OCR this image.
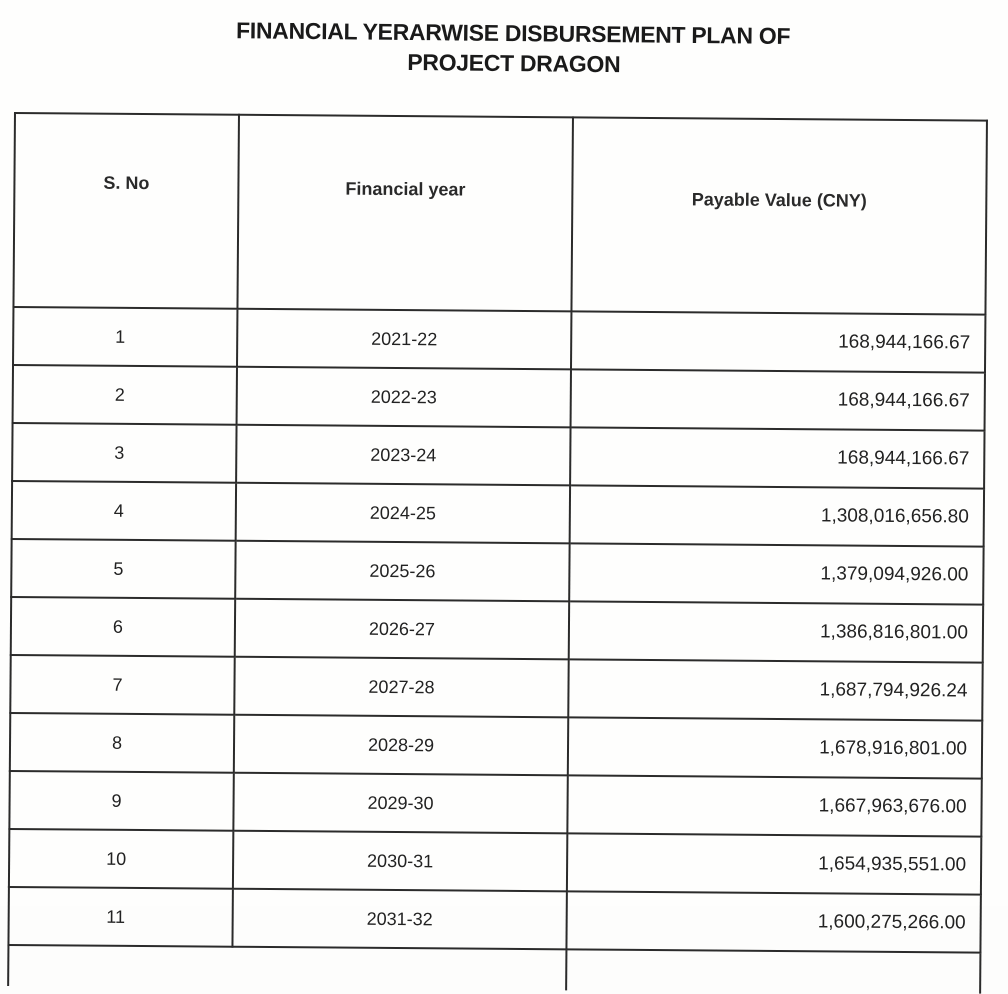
FINANCIAL YERARWISE DISBURSEMENT PLAN OF
PROJECT DRAGON
S. No	Financial year	Payable Value (CNY)
1	2021-22	168,944,166.67
2	2022-23	168,944,166.67
3	2023-24	168,944,166.67
4	2024-25	1,308,016,656.80
5	2025-26	1,379,094,926.00
6	2026-27	1,386,816,801.00
7	2027-28	1,687,794,926.24
8	2028-29	1,678,916,801.00
9	2029-30	1,667,963,676.00
10	2030-31	1,654,935,551.00
11	2031-32	1,600,275,266.00
